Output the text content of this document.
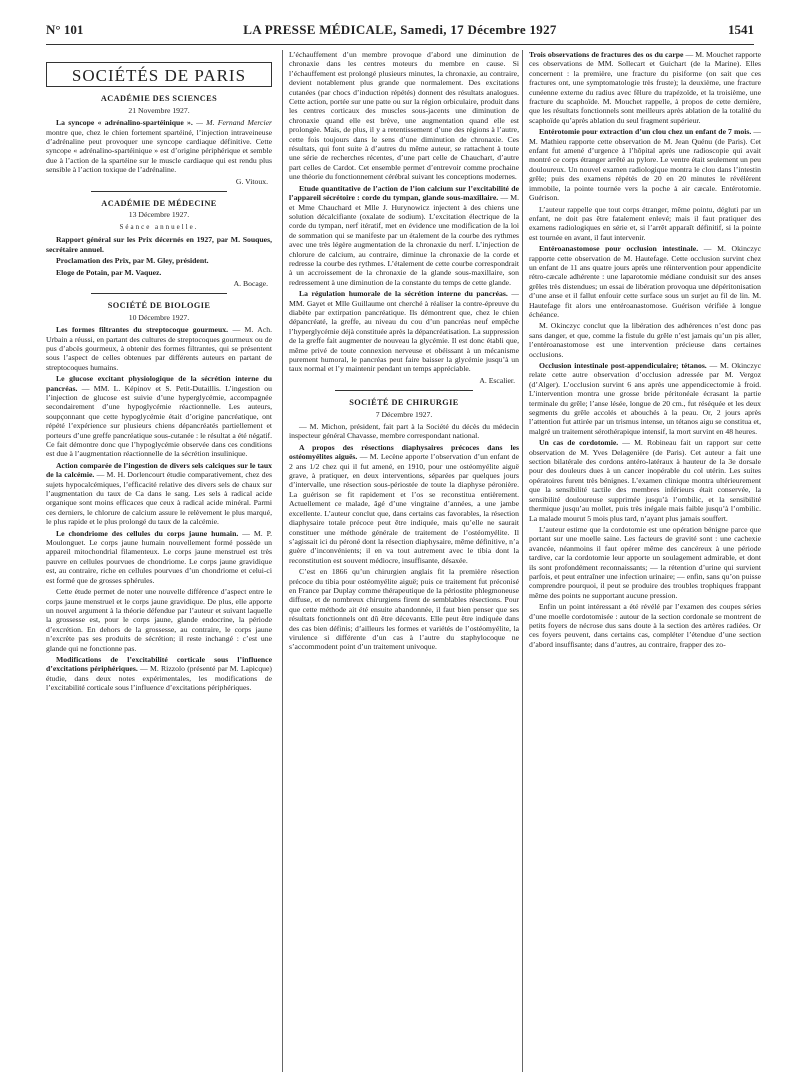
N° 101	LA PRESSE MÉDICALE, Samedi, 17 Décembre 1927	1541
SOCIÉTÉS DE PARIS
ACADÉMIE DES SCIENCES
21 Novembre 1927.

La syncope « adrénalino-spartéinique ». — M. Fernand Mercier montre que, chez le chien fortement spartéiné, l’injection intraveineuse d’adrénaline peut provoquer une syncope cardiaque définitive. Cette syncope « adrénalino-spartéinique » est d’origine périphérique et semble due à l’action de la spartéine sur le muscle cardiaque qui est rendu plus sensible à l’action toxique de l’adrénaline.

G. Vitoux.
ACADÉMIE DE MÉDECINE
13 Décembre 1927.
Séance annuelle.

Rapport général sur les Prix décernés en 1927, par M. Souques, secrétaire annuel.

Proclamation des Prix, par M. Gley, président.

Eloge de Potain, par M. Vaquez.

A. Bocage.
SOCIÉTÉ DE BIOLOGIE
10 Décembre 1927.

Les formes filtrantes du streptocoque gourmeux. — M. Ach. Urbain a réussi, en partant des cultures de streptocoques gourmeux ou de pus d’abcès gourmeux, à obtenir des formes filtrantes, qui se présentent sous l’aspect de celles obtenues par différents auteurs en partant de streptocoques humains.

Le glucose excitant physiologique de la sécrétion interne du pancréas. — MM. L. Képinov et S. Petit-Dutaillis. L’ingestion ou l’injection de glucose est suivie d’une hyperglycémie, accompagnée secondairement d’une hypoglycémie réactionnelle. Les auteurs, soupçonnant que cette hypoglycémie était d’origine pancréatique, ont répété l’expérience sur plusieurs chiens dépancréatés partiellement et porteurs d’une greffe pancréatique sous-cutanée : le résultat a été négatif. Ce fait démontre donc que l’hypoglycémie observée dans ces conditions est due à l’augmentation réactionnelle de la sécrétion insulinique.

Action comparée de l’ingestion de divers sels calciques sur le taux de la calcémie. — M. H. Dorlencourt étudie comparativement, chez des sujets hypocalcémiques, l’efficacité relative des divers sels de chaux sur l’augmentation du taux de Ca dans le sang. Les sels à radical acide organique sont moins efficaces que ceux à radical acide minéral. Parmi ces derniers, le chlorure de calcium assure le relèvement le plus marqué, le plus rapide et le plus prolongé du taux de la calcémie.

Le chondriome des cellules du corps jaune humain. — M. P. Moulonguet. Le corps jaune humain nouvellement formé possède un appareil mitochondrial filamenteux. Le corps jaune menstruel est très pauvre en cellules pourvues de chondriome. Le corps jaune gravidique est, au contraire, riche en cellules pourvues d’un chondriome et celui-ci est formé que de grosses sphérules.

Cette étude permet de noter une nouvelle différence d’aspect entre le corps jaune menstruel et le corps jaune gravidique. De plus, elle apporte un nouvel argument à la théorie défendue par l’auteur et suivant laquelle la grossesse est, pour le corps jaune, glande endocrine, la période d’excrétion. En dehors de la grossesse, au contraire, le corps jaune n’excrète pas ses produits de sécrétion; il reste inchangé : c’est une glande qui ne fonctionne pas.

Modifications de l’excitabilité corticale sous l’influence d’excitations périphériques. — M. Rizzolo (présenté par M. Lapicque) étudie, dans deux notes expérimentales, les modifications de l’excitabilité corticale sous l’influence d’excitations périphériques.

L’échauffement d’un membre provoque d’abord une diminution de chronaxie dans les centres moteurs du membre en cause. Si l’échauffement est prolongé plusieurs minutes, la chronaxie, au contraire, devient notablement plus grande que normalement. Des excitations cutanées (par chocs d’induction répétés) donnent des résultats analogues. Cette action, portée sur une patte ou sur la région orbiculaire, produit dans les centres corticaux des muscles sous-jacents une diminution de chronaxie quand elle est brève, une augmentation quand elle est prolongée. Mais, de plus, il y a retentissement d’une des régions à l’autre, cette fois toujours dans le sens d’une diminution de chronaxie. Ces résultats, qui font suite à d’autres du même auteur, se rattachent à toute une série de recherches récentes, d’une part celle de Chauchart, d’autre part celles de Cardot. Cet ensemble permet d’entrevoir comme prochaine une théorie du fonctionnement cérébral suivant les conceptions modernes.

Etude quantitative de l’action de l’ion calcium sur l’excitabilité de l’appareil sécrétoire : corde du tympan, glande sous-maxillaire. — M. et Mme Chauchard et Mlle J. Hurynowicz injectent à des chiens une solution décalcifiante (oxalate de sodium). L’excitation électrique de la corde du tympan, nerf itératif, met en évidence une modification de la loi de sommation qui se manifeste par un étalement de la courbe des rythmes avec une très légère augmentation de la chronaxie du nerf. L’injection de chlorure de calcium, au contraire, diminue la chronaxie de la corde et redresse la courbe des rythmes. L’étalement de cette courbe correspondrait à un accroissement de la chronaxie de la glande sous-maxillaire, son redressement à une diminution de la constante du temps de cette glande.

La régulation humorale de la sécrétion interne du pancréas. — MM. Gayet et Mlle Guillaume ont cherché à réaliser la contre-épreuve du diabète par extirpation pancréatique. Ils démontrent que, chez le chien dépancréaté, la greffe, au niveau du cou d’un pancréas neuf empêche l’hyperglycémie déjà constituée après la dépancréatisation. La suppression de la greffe fait augmenter de nouveau la glycémie. Il est donc établi que, même privé de toute connexion nerveuse et obéissant à un mécanisme purement humoral, le pancréas peut faire baisser la glycémie jusqu’à un taux normal et l’y maintenir pendant un temps appréciable.

A. Escalier.
SOCIÉTÉ DE CHIRURGIE
7 Décembre 1927.

— M. Michon, président, fait part à la Société du décès du médecin inspecteur général Chavasse, membre correspondant national.

A propos des résections diaphysaires précoces dans les ostéomyélites aiguës. — M. Lecène apporte l’observation d’un enfant de 2 ans 1/2 chez qui il fut amené, en 1910, pour une ostéomyélite aiguë grave, à pratiquer, en deux interventions, séparées par quelques jours d’intervalle, une résection sous-périostée de toute la diaphyse péronière. La guérison se fit rapidement et l’os se reconstitua entièrement. Actuellement ce malade, âgé d’une vingtaine d’années, a une jambe excellente. L’auteur conclut que, dans certains cas favorables, la résection diaphysaire totale précoce peut être indiquée, mais qu’elle ne saurait constituer une méthode générale de traitement de l’ostéomyélite. Il s’agissait ici du péroné dont la résection diaphysaire, même définitive, n’a guère d’inconvénients; il en va tout autrement avec le tibia dont la reconstitution est souvent médiocre, insuffisante, désaxée.

C’est en 1866 qu’un chirurgien anglais fit la première résection précoce du tibia pour ostéomyélite aiguë; puis ce traitement fut préconisé en France par Duplay comme thérapeutique de la périostite phlegmoneuse diffuse, et de nombreux chirurgiens firent de semblables résections. Pour que cette méthode ait été ensuite abandonnée, il faut bien penser que ses résultats fonctionnels ont dû être décevants. Elle peut être indiquée dans des cas bien définis; d’ailleurs les formes et variétés de l’ostéomyélite, la virulence si différente d’un cas à l’autre du staphylocoque ne s’accommodent point d’un traitement univoque.

Trois observations de fractures des os du carpe — M. Mouchet rapporte ces observations de MM. Sollecart et Guichart (de la Marine). Elles concernent : la première, une fracture du pisiforme (on sait que ces fractures ont, une symptomatologie très fruste); la deuxième, une fracture cunéenne externe du radius avec fêlure du trapézoïde, et la troisième, une fracture du scaphoïde. M. Mouchet rappelle, à propos de cette dernière, que les résultats fonctionnels sont meilleurs après ablation de la totalité du scaphoïde qu’après ablation du seul fragment supérieur.

Entérotomie pour extraction d’un clou chez un enfant de 7 mois. — M. Mathieu rapporte cette observation de M. Jean Quénu (de Paris). Cet enfant fut amené d’urgence à l’hôpital après une radioscopie qui avait montré ce corps étranger arrêté au pylore. Le ventre était seulement un peu douloureux. Un nouvel examen radiologique montra le clou dans l’intestin grêle; puis des examens répétés de 20 en 20 minutes le révélèrent immobile, la pointe tournée vers la poche à air cæcale. Entérotomie. Guérison.

L’auteur rappelle que tout corps étranger, même pointu, dégluti par un enfant, ne doit pas être fatalement enlevé; mais il faut pratiquer des examens radiologiques en série et, si l’arrêt apparaît définitif, si la pointe est tournée en avant, il faut intervenir.

Entéroanastomose pour occlusion intestinale. — M. Okinczyc rapporte cette observation de M. Hautefage. Cette occlusion survint chez un enfant de 11 ans quatre jours après une réintervention pour appendicite rétro-cæcale adhérente : une laparotomie médiane conduisit sur des anses grêles très distendues; un essai de libération provoqua une dépéritonisation d’une anse et il fallut enfouir cette surface sous un surjet au fil de lin. M. Hautefage fit alors une entéroanastomose. Guérison vérifiée à longue échéance.

M. Okinczyc conclut que la libération des adhérences n’est donc pas sans danger, et que, comme la fistule du grêle n’est jamais qu’un pis aller, l’entéroanastomose est une intervention précieuse dans certaines occlusions.

Occlusion intestinale post-appendiculaire; tétanos. — M. Okinczyc relate cette autre observation d’occlusion adressée par M. Vergoz (d’Alger). L’occlusion survint 6 ans après une appendicectomie à froid. L’intervention montra une grosse bride péritonéale écrasant la partie terminale du grêle; l’anse lésée, longue de 20 cm., fut réséquée et les deux segments du grêle accolés et abouchés à la peau. Or, 2 jours après l’attention fut attirée par un trismus intense, un tétanos aigu se constitua et, malgré un traitement sérothérapique intensif, la mort survint en 48 heures.

Un cas de cordotomie. — M. Robineau fait un rapport sur cette observation de M. Yves Delagenière (de Paris). Cet auteur a fait une section bilatérale des cordons antéro-latéraux à hauteur de la 3e dorsale pour des douleurs dues à un cancer inopérable du col utérin. Les suites opératoires furent très bénignes. L’examen clinique montra ultérieurement que la sensibilité tactile des membres inférieurs était conservée, la sensibilité douloureuse supprimée jusqu’à l’ombilic, et la sensibilité thermique jusqu’au mollet, puis très inégale mais faible jusqu’à l’ombilic. La malade mourut 5 mois plus tard, n’ayant plus jamais souffert.

L’auteur estime que la cordotomie est une opération bénigne parce que portant sur une moelle saine. Les facteurs de gravité sont : une cachexie avancée, néanmoins il faut opérer même des cancéreux à une période tardive, car la cordotomie leur apporte un soulagement admirable, et dont ils sont profondément reconnaissants; — la rétention d’urine qui survient parfois, et peut entraîner une infection urinaire; — enfin, sans qu’on puisse comprendre pourquoi, il peut se produire des troubles trophiques frappant même des points ne supportant aucune pression.

Enfin un point intéressant a été révélé par l’examen des coupes séries d’une moelle cordotomisée : autour de la section cordonale se montrent de petits foyers de nécrose dus sans doute à la section des artères radiées. Or ces foyers peuvent, dans certains cas, compléter l’étendue d’une section d’abord insuffisante; dans d’autres, au contraire, frapper des zo-
